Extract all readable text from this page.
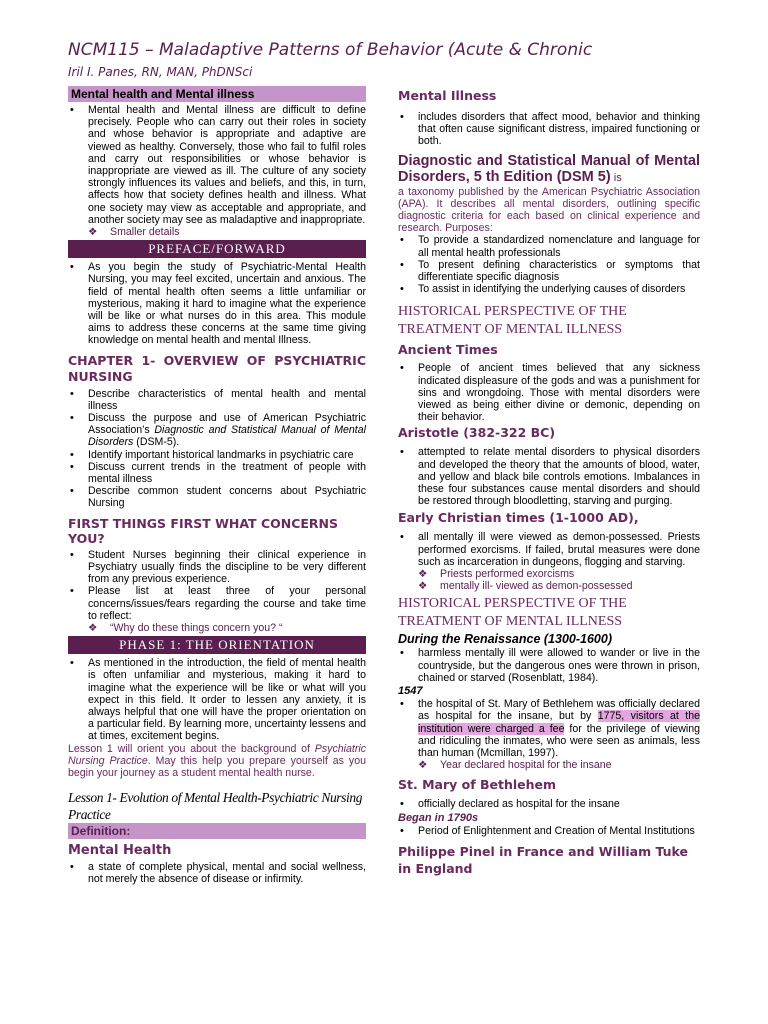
NCM115 – Maladaptive Patterns of Behavior (Acute & Chronic
Iril I. Panes, RN, MAN, PhDNSci
Mental health and Mental illness
• Mental health and Mental illness are difficult to define precisely. People who can carry out their roles in society and whose behavior is appropriate and adaptive are viewed as healthy. Conversely, those who fail to fulfil roles and carry out responsibilities or whose behavior is inappropriate are viewed as ill. The culture of any society strongly influences its values and beliefs, and this, in turn, affects how that society defines health and illness. What one society may view as acceptable and appropriate, and another society may see as maladaptive and inappropriate.
❖ Smaller details
PREFACE/FORWARD
• As you begin the study of Psychiatric-Mental Health Nursing, you may feel excited, uncertain and anxious. The field of mental health often seems a little unfamiliar or mysterious, making it hard to imagine what the experience will be like or what nurses do in this area. This module aims to address these concerns at the same time giving knowledge on mental health and mental Illness.
CHAPTER 1- OVERVIEW OF PSYCHIATRIC NURSING
• Describe characteristics of mental health and mental illness
• Discuss the purpose and use of American Psychiatric Association’s Diagnostic and Statistical Manual of Mental Disorders (DSM-5).
• Identify important historical landmarks in psychiatric care
• Discuss current trends in the treatment of people with mental illness
• Describe common student concerns about Psychiatric Nursing
FIRST THINGS FIRST WHAT CONCERNS YOU?
• Student Nurses beginning their clinical experience in Psychiatry usually finds the discipline to be very different from any previous experience.
• Please list at least three of your personal concerns/issues/fears regarding the course and take time to reflect:
❖ “Why do these things concern you? “
PHASE 1: THE ORIENTATION
• As mentioned in the introduction, the field of mental health is often unfamiliar and mysterious, making it hard to imagine what the experience will be like or what will you expect in this field. It order to lessen any anxiety, it is always helpful that one will have the proper orientation on a particular field. By learning more, uncertainty lessens and at times, excitement begins.
Lesson 1 will orient you about the background of Psychiatric Nursing Practice. May this help you prepare yourself as you begin your journey as a student mental health nurse.
Lesson 1- Evolution of Mental Health-Psychiatric Nursing Practice
Definition:
Mental Health
• a state of complete physical, mental and social wellness, not merely the absence of disease or infirmity.
Mental Illness
• includes disorders that affect mood, behavior and thinking that often cause significant distress, impaired functioning or both.
Diagnostic and Statistical Manual of Mental Disorders, 5 th Edition (DSM 5) is
a taxonomy published by the American Psychiatric Association (APA). It describes all mental disorders, outlining specific diagnostic criteria for each based on clinical experience and research. Purposes:
• To provide a standardized nomenclature and language for all mental health professionals
• To present defining characteristics or symptoms that differentiate specific diagnosis
• To assist in identifying the underlying causes of disorders
HISTORICAL PERSPECTIVE OF THE TREATMENT OF MENTAL ILLNESS
Ancient Times
• People of ancient times believed that any sickness indicated displeasure of the gods and was a punishment for sins and wrongdoing. Those with mental disorders were viewed as being either divine or demonic, depending on their behavior.
Aristotle (382-322 BC)
• attempted to relate mental disorders to physical disorders and developed the theory that the amounts of blood, water, and yellow and black bile controls emotions. Imbalances in these four substances cause mental disorders and should be restored through bloodletting, starving and purging.
Early Christian times (1-1000 AD),
• all mentally ill were viewed as demon-possessed. Priests performed exorcisms. If failed, brutal measures were done such as incarceration in dungeons, flogging and starving.
❖ Priests performed exorcisms
❖ mentally ill- viewed as demon-possessed
HISTORICAL PERSPECTIVE OF THE TREATMENT OF MENTAL ILLNESS
During the Renaissance (1300-1600)
• harmless mentally ill were allowed to wander or live in the countryside, but the dangerous ones were thrown in prison, chained or starved (Rosenblatt, 1984).
1547
• the hospital of St. Mary of Bethlehem was officially declared as hospital for the insane, but by 1775, visitors at the institution were charged a fee for the privilege of viewing and ridiculing the inmates, who were seen as animals, less than human (Mcmillan, 1997).
❖ Year declared hospital for the insane
St. Mary of Bethlehem
• officially declared as hospital for the insane
Began in 1790s
• Period of Enlightenment and Creation of Mental Institutions
Philippe Pinel in France and William Tuke in England
